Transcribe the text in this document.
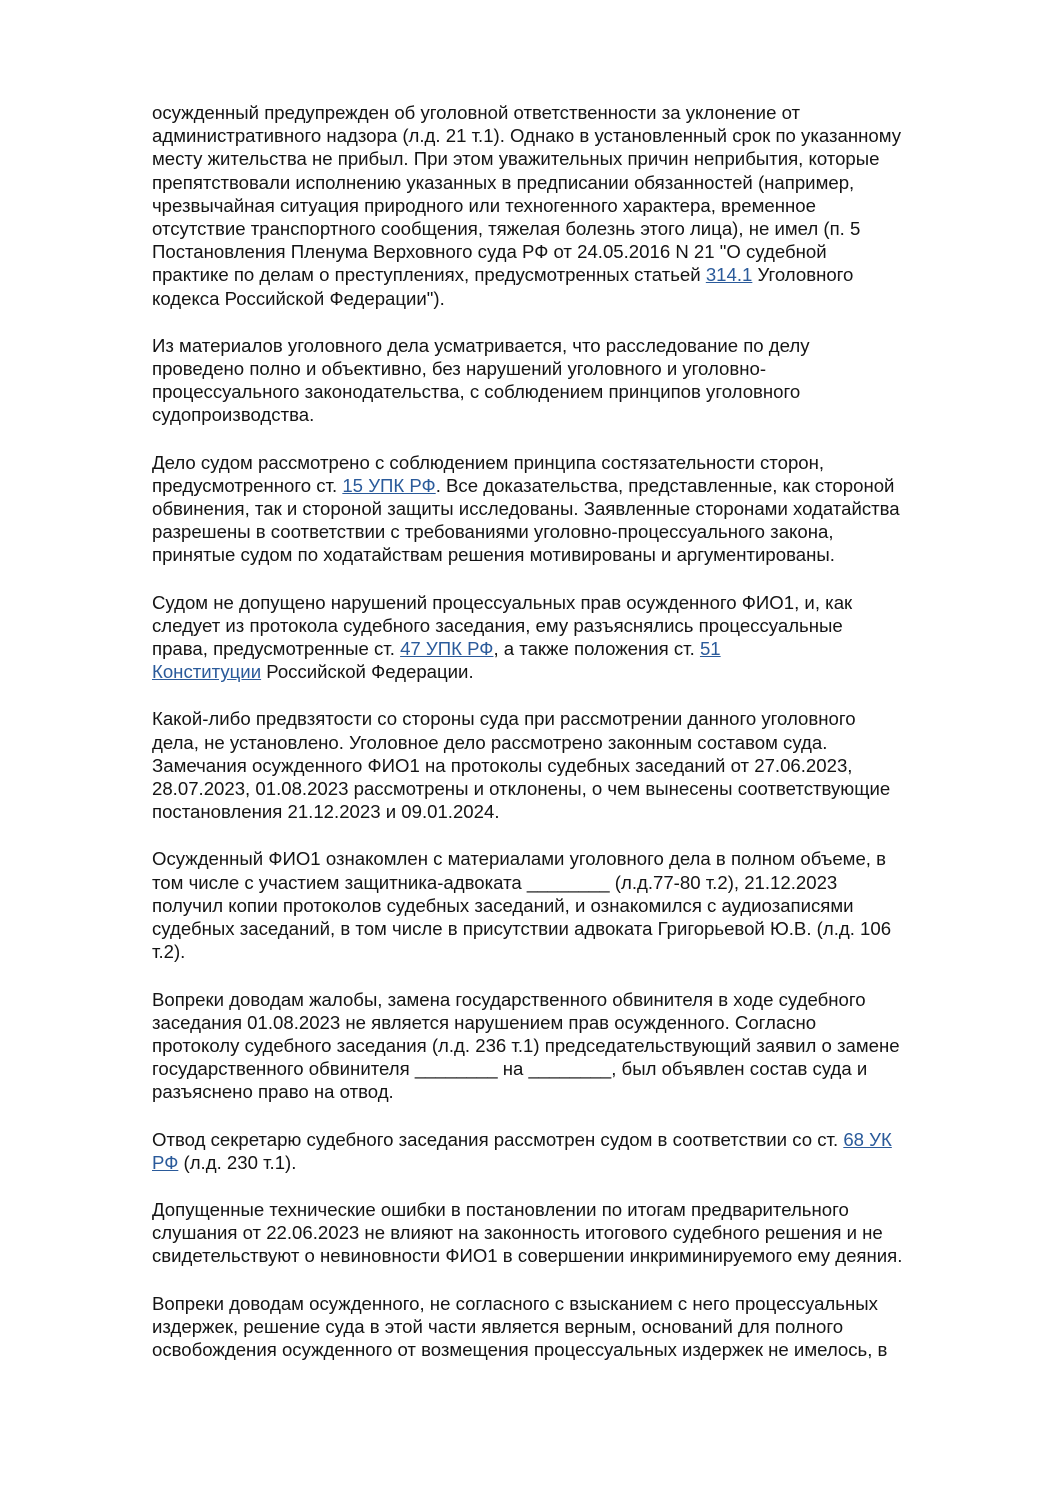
осужденный предупрежден об уголовной ответственности за уклонение от
административного надзора (л.д. 21 т.1). Однако в установленный срок по указанному
месту жительства не прибыл. При этом уважительных причин неприбытия, которые
препятствовали исполнению указанных в предписании обязанностей (например,
чрезвычайная ситуация природного или техногенного характера, временное
отсутствие транспортного сообщения, тяжелая болезнь этого лица), не имел (п. 5
Постановления Пленума Верховного суда РФ от 24.05.2016 N 21 "О судебной
практике по делам о преступлениях, предусмотренных статьей 314.1 Уголовного
кодекса Российской Федерации").

Из материалов уголовного дела усматривается, что расследование по делу
проведено полно и объективно, без нарушений уголовного и уголовно-
процессуального законодательства, с соблюдением принципов уголовного
судопроизводства.

Дело судом рассмотрено с соблюдением принципа состязательности сторон,
предусмотренного ст. 15 УПК РФ. Все доказательства, представленные, как стороной
обвинения, так и стороной защиты исследованы. Заявленные сторонами ходатайства
разрешены в соответствии с требованиями уголовно-процессуального закона,
принятые судом по ходатайствам решения мотивированы и аргументированы.

Судом не допущено нарушений процессуальных прав осужденного ФИО1, и, как
следует из протокола судебного заседания, ему разъяснялись процессуальные
права, предусмотренные ст. 47 УПК РФ, а также положения ст. 51
Конституции Российской Федерации.

Какой-либо предвзятости со стороны суда при рассмотрении данного уголовного
дела, не установлено. Уголовное дело рассмотрено законным составом суда.
Замечания осужденного ФИО1 на протоколы судебных заседаний от 27.06.2023,
28.07.2023, 01.08.2023 рассмотрены и отклонены, о чем вынесены соответствующие
постановления 21.12.2023 и 09.01.2024.

Осужденный ФИО1 ознакомлен с материалами уголовного дела в полном объеме, в
том числе с участием защитника-адвоката ________ (л.д.77-80 т.2), 21.12.2023
получил копии протоколов судебных заседаний, и ознакомился с аудиозаписями
судебных заседаний, в том числе в присутствии адвоката Григорьевой Ю.В. (л.д. 106
т.2).

Вопреки доводам жалобы, замена государственного обвинителя в ходе судебного
заседания 01.08.2023 не является нарушением прав осужденного. Согласно
протоколу судебного заседания (л.д. 236 т.1) председательствующий заявил о замене
государственного обвинителя ________ на ________, был объявлен состав суда и
разъяснено право на отвод.

Отвод секретарю судебного заседания рассмотрен судом в соответствии со ст. 68 УК
РФ (л.д. 230 т.1).

Допущенные технические ошибки в постановлении по итогам предварительного
слушания от 22.06.2023 не влияют на законность итогового судебного решения и не
свидетельствуют о невиновности ФИО1 в совершении инкриминируемого ему деяния.

Вопреки доводам осужденного, не согласного с взысканием с него процессуальных
издержек, решение суда в этой части является верным, оснований для полного
освобождения осужденного от возмещения процессуальных издержек не имелось, в
